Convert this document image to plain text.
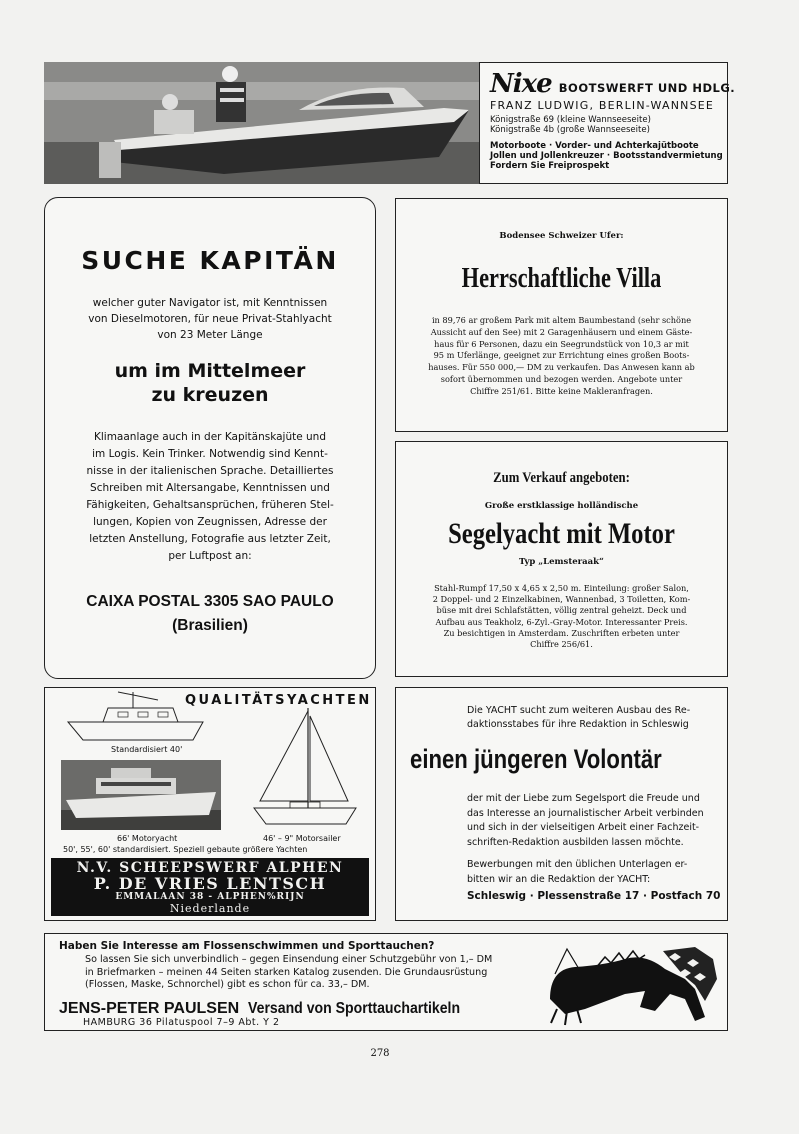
Nixe BOOTSWERFT UND HDLG.
FRANZ LUDWIG, BERLIN-WANNSEE
Königstraße 69 (kleine Wannseeseite)
Königstraße 4b (große Wannseeseite)
Motorboote · Vorder- und Achterkajütboote
Jollen und Jollenkreuzer · Bootsstandvermietung
Fordern Sie Freiprospekt
SUCHE KAPITÄN
welcher guter Navigator ist, mit Kenntnissen
von Dieselmotoren, für neue Privat-Stahlyacht
von 23 Meter Länge
um im Mittelmeer
zu kreuzen
Klimaanlage auch in der Kapitänskajüte und
im Logis. Kein Trinker. Notwendig sind Kennt-
nisse in der italienischen Sprache. Detailliertes
Schreiben mit Altersangabe, Kenntnissen und
Fähigkeiten, Gehaltsansprüchen, früheren Stel-
lungen, Kopien von Zeugnissen, Adresse der
letzten Anstellung, Fotografie aus letzter Zeit,
per Luftpost an:
CAIXA POSTAL 3305 SAO PAULO
(Brasilien)
Bodensee Schweizer Ufer:
Herrschaftliche Villa
in 89,76 ar großem Park mit altem Baumbestand (sehr schöne
Aussicht auf den See) mit 2 Garagenhäusern und einem Gäste-
haus für 6 Personen, dazu ein Seegrundstück von 10,3 ar mit
95 m Uferlänge, geeignet zur Errichtung eines großen Boots-
hauses. Für 550 000,— DM zu verkaufen. Das Anwesen kann ab
sofort übernommen und bezogen werden. Angebote unter
Chiffre 251/61. Bitte keine Makleranfragen.
Zum Verkauf angeboten:
Große erstklassige holländische
Segelyacht mit Motor
Typ „Lemsteraak“
Stahl-Rumpf 17,50 x 4,65 x 2,50 m. Einteilung: großer Salon,
2 Doppel- und 2 Einzelkabinen, Wannenbad, 3 Toiletten, Kom-
büse mit drei Schlafstätten, völlig zentral geheizt. Deck und
Aufbau aus Teakholz, 6-Zyl.-Gray-Motor. Interessanter Preis.
Zu besichtigen in Amsterdam. Zuschriften erbeten unter
Chiffre 256/61.
QUALITÄTSYACHTEN
Standardisiert 40'
66' Motoryacht	46' – 9" Motorsailer
50', 55', 60' standardisiert. Speziell gebaute größere Yachten
N.V. SCHEEPSWERF ALPHEN
P. DE VRIES LENTSCH
EMMALAAN 38 - ALPHEN%RIJN
Niederlande
Die YACHT sucht zum weiteren Ausbau des Re-
daktionsstabes für ihre Redaktion in Schleswig
einen jüngeren Volontär
der mit der Liebe zum Segelsport die Freude und
das Interesse an journalistischer Arbeit verbinden
und sich in der vielseitigen Arbeit einer Fachzeit-
schriften-Redaktion ausbilden lassen möchte.
Bewerbungen mit den üblichen Unterlagen er-
bitten wir an die Redaktion der YACHT:
Schleswig · Plessenstraße 17 · Postfach 70
Haben Sie Interesse am Flossenschwimmen und Sporttauchen?
So lassen Sie sich unverbindlich – gegen Einsendung einer Schutzgebühr von 1,– DM
in Briefmarken – meinen 44 Seiten starken Katalog zusenden. Die Grundausrüstung
(Flossen, Maske, Schnorchel) gibt es schon für ca. 33,– DM.
JENS-PETER PAULSEN Versand von Sporttauchartikeln
HAMBURG 36 Pilatuspool 7–9 Abt. Y 2
278
